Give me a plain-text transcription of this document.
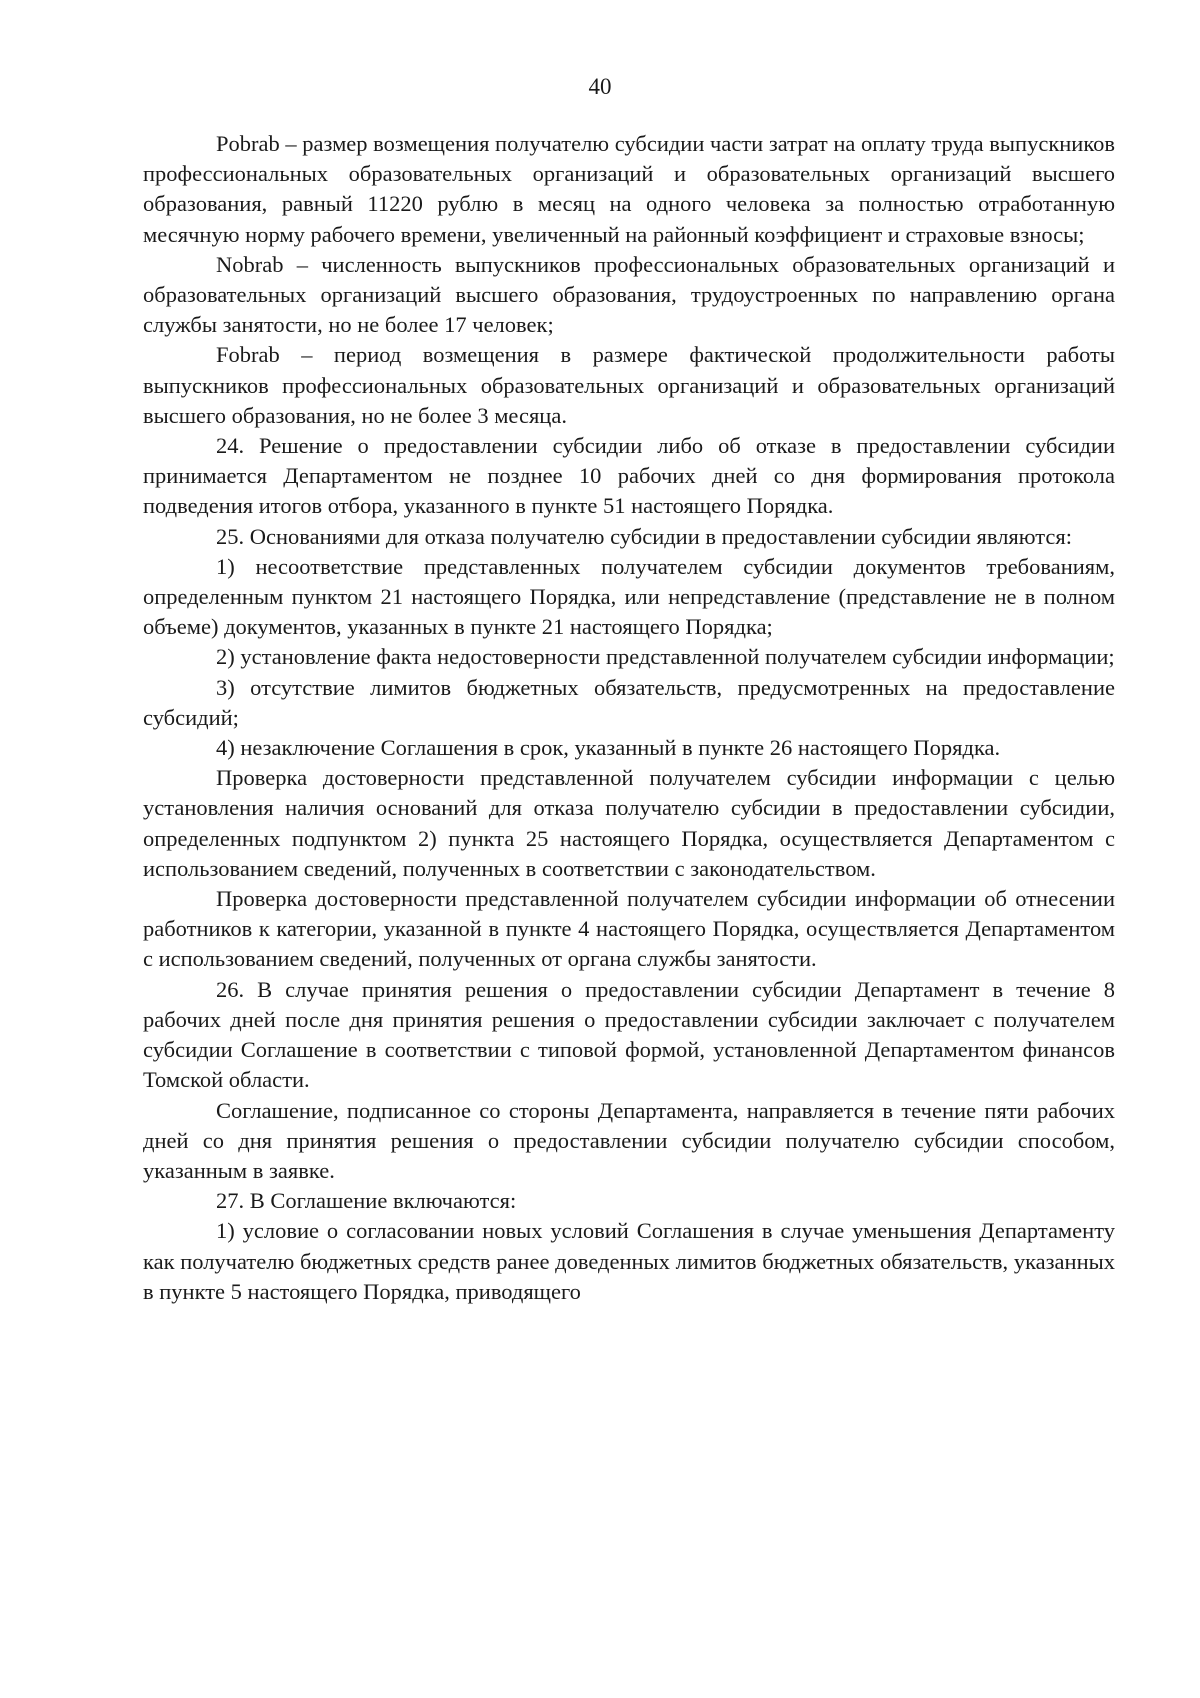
40

Pobrab – размер возмещения получателю субсидии части затрат на оплату труда выпускников профессиональных образовательных организаций и образовательных организаций высшего образования, равный 11220 рублю в месяц на одного человека за полностью отработанную месячную норму рабочего времени, увеличенный на районный коэффициент и страховые взносы;

Nobrab – численность выпускников профессиональных образовательных организаций и образовательных организаций высшего образования, трудоустроенных по направлению органа службы занятости, но не более 17 человек;

Fobrab – период возмещения в размере фактической продолжительности работы выпускников профессиональных образовательных организаций и образовательных организаций высшего образования, но не более 3 месяца.

24. Решение о предоставлении субсидии либо об отказе в предоставлении субсидии принимается Департаментом не позднее 10 рабочих дней со дня формирования протокола подведения итогов отбора, указанного в пункте 51 настоящего Порядка.

25. Основаниями для отказа получателю субсидии в предоставлении субсидии являются:

1) несоответствие представленных получателем субсидии документов требованиям, определенным пунктом 21 настоящего Порядка, или непредставление (представление не в полном объеме) документов, указанных в пункте 21 настоящего Порядка;

2) установление факта недостоверности представленной получателем субсидии информации;

3) отсутствие лимитов бюджетных обязательств, предусмотренных на предоставление субсидий;

4) незаключение Соглашения в срок, указанный в пункте 26 настоящего Порядка.

Проверка достоверности представленной получателем субсидии информации с целью установления наличия оснований для отказа получателю субсидии в предоставлении субсидии, определенных подпунктом 2) пункта 25 настоящего Порядка, осуществляется Департаментом с использованием сведений, полученных в соответствии с законодательством.

Проверка достоверности представленной получателем субсидии информации об отнесении работников к категории, указанной в пункте 4 настоящего Порядка, осуществляется Департаментом с использованием сведений, полученных от органа службы занятости.

26. В случае принятия решения о предоставлении субсидии Департамент в течение 8 рабочих дней после дня принятия решения о предоставлении субсидии заключает с получателем субсидии Соглашение в соответствии с типовой формой, установленной Департаментом финансов Томской области.

Соглашение, подписанное со стороны Департамента, направляется в течение пяти рабочих дней со дня принятия решения о предоставлении субсидии получателю субсидии способом, указанным в заявке.

27. В Соглашение включаются:

1) условие о согласовании новых условий Соглашения в случае уменьшения Департаменту как получателю бюджетных средств ранее доведенных лимитов бюджетных обязательств, указанных в пункте 5 настоящего Порядка, приводящего
